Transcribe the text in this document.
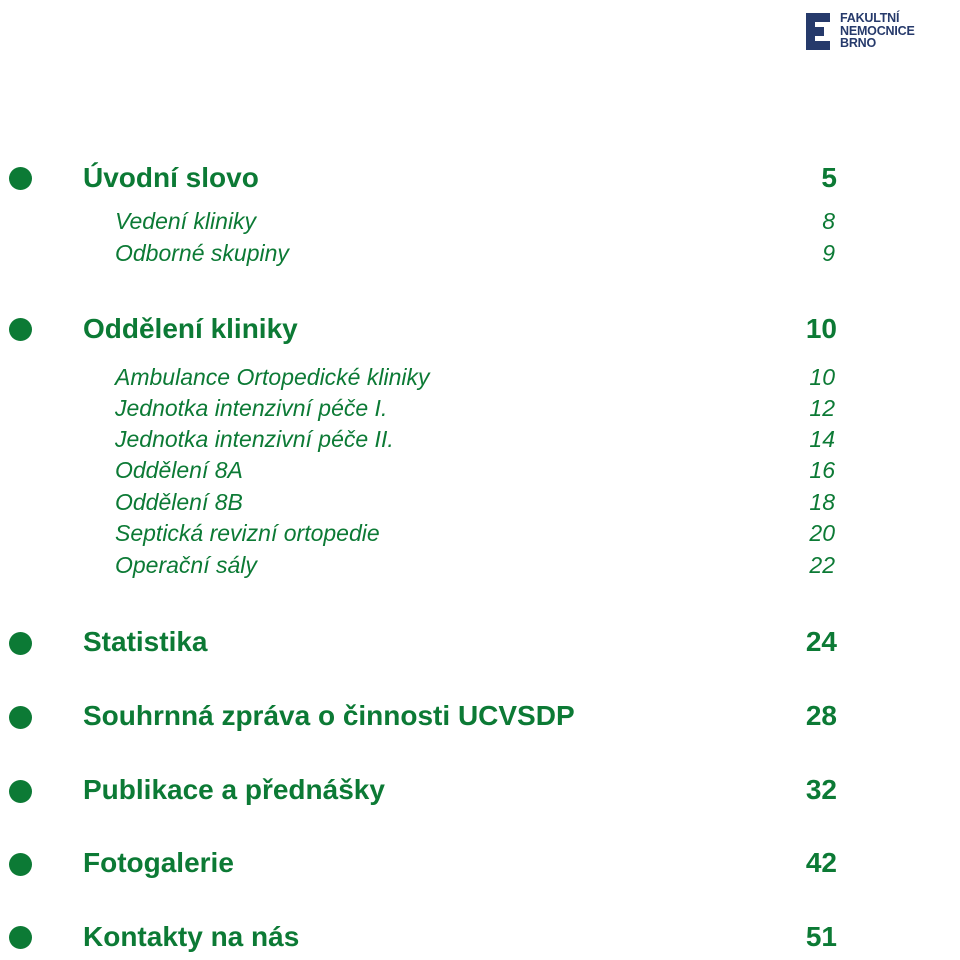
FAKULTNÍ
NEMOCNICE
BRNO
Úvodní slovo	5
Vedení kliniky	8
Odborné skupiny	9
Oddělení kliniky	10
Ambulance Ortopedické kliniky	10
Jednotka intenzivní péče I.	12
Jednotka intenzivní péče II.	14
Oddělení 8A	16
Oddělení 8B	18
Septická revizní ortopedie	20
Operační sály	22
Statistika	24
Souhrnná zpráva o činnosti UCVSDP	28
Publikace a přednášky	32
Fotogalerie	42
Kontakty na nás	51
